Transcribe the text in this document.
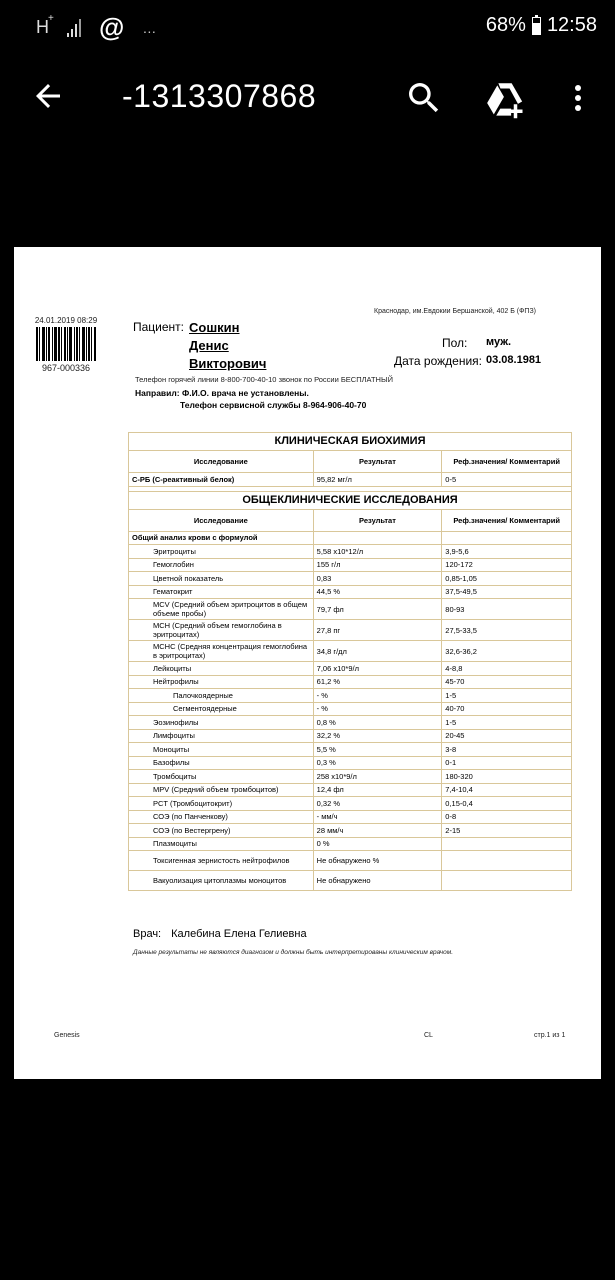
H + @ …	68% 12:58
-1313307868
Краснодар, им.Евдокии Бершанской, 402 Б (ФПЗ)
24.01.2019 08:29
967-000336
Пациент: Сошкин
Денис
Викторович
Пол: муж.
Дата рождения: 03.08.1981
Телефон горячей линии 8-800-700-40-10 звонок по России БЕСПЛАТНЫЙ
Направил: Ф.И.О. врача не установлены.
Телефон сервисной службы 8-964-906-40-70
КЛИНИЧЕСКАЯ БИОХИМИЯ		
Исследование	Результат	Реф.значения/ Комментарий
С-РБ (С-реактивный белок)	95,82 мг/л	0-5

ОБЩЕКЛИНИЧЕСКИЕ ИССЛЕДОВАНИЯ		
Исследование	Результат	Реф.значения/ Комментарий
Общий анализ крови с формулой		
Эритроциты	5,58 x10*12/л	3,9-5,6
Гемоглобин	155 г/л	120-172
Цветной показатель	0,83	0,85-1,05
Гематокрит	44,5 %	37,5-49,5
MCV (Средний объем эритроцитов в общем объеме пробы)	79,7 фл	80-93
MCH (Средний объем гемоглобина в эритроцитах)	27,8 пг	27,5-33,5
MCHC (Средняя концентрация гемоглобина в эритроцитах)	34,8 г/дл	32,6-36,2
Лейкоциты	7,06 x10*9/л	4-8,8
Нейтрофилы	61,2 %	45-70
Палочкоядерные	- %	1-5
Сегментоядерные	- %	40-70
Эозинофилы	0,8 %	1-5
Лимфоциты	32,2 %	20-45
Моноциты	5,5 %	3-8
Базофилы	0,3 %	0-1
Тромбоциты	258 x10*9/л	180-320
MPV (Средний объем тромбоцитов)	12,4 фл	7,4-10,4
PCT (Тромбоцитокрит)	0,32 %	0,15-0,4
СОЭ (по Панченкову)	- мм/ч	0-8
СОЭ (по Вестергрену)	28 мм/ч	2-15
Плазмоциты	0 %	
Токсигенная зернистость нейтрофилов	Не обнаружено %	
Вакуолизация цитоплазмы моноцитов	Не обнаружено	
Врач: Калебина Елена Гелиевна
Данные результаты не являются диагнозом и должны быть интерпретированы клиническим врачом.
Genesis	CL	стр.1 из 1
